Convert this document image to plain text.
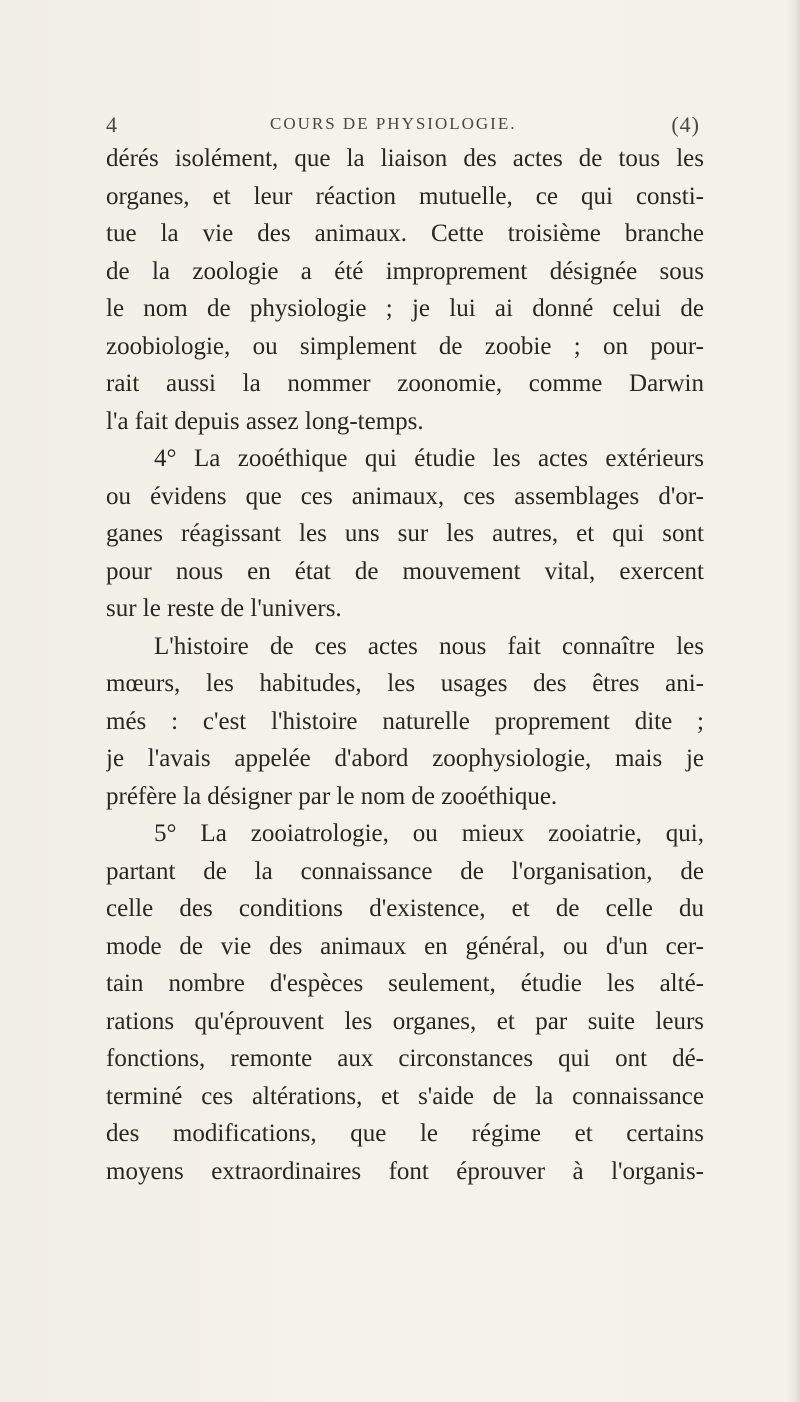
4	COURS DE PHYSIOLOGIE.	(4)
dérés isolément, que la liaison des actes de tous les
organes, et leur réaction mutuelle, ce qui consti-
tue la vie des animaux. Cette troisième branche
de la zoologie a été improprement désignée sous
le nom de physiologie ; je lui ai donné celui de
zoobiologie, ou simplement de zoobie ; on pour-
rait aussi la nommer zoonomie, comme Darwin
l'a fait depuis assez long-temps.
4° La zooéthique qui étudie les actes extérieurs
ou évidens que ces animaux, ces assemblages d'or-
ganes réagissant les uns sur les autres, et qui sont
pour nous en état de mouvement vital, exercent
sur le reste de l'univers.
L'histoire de ces actes nous fait connaître les
mœurs, les habitudes, les usages des êtres ani-
més : c'est l'histoire naturelle proprement dite ;
je l'avais appelée d'abord zoophysiologie, mais je
préfère la désigner par le nom de zooéthique.
5° La zooiatrologie, ou mieux zooiatrie, qui,
partant de la connaissance de l'organisation, de
celle des conditions d'existence, et de celle du
mode de vie des animaux en général, ou d'un cer-
tain nombre d'espèces seulement, étudie les alté-
rations qu'éprouvent les organes, et par suite leurs
fonctions, remonte aux circonstances qui ont dé-
terminé ces altérations, et s'aide de la connaissance
des modifications, que le régime et certains
moyens extraordinaires font éprouver à l'organis-
